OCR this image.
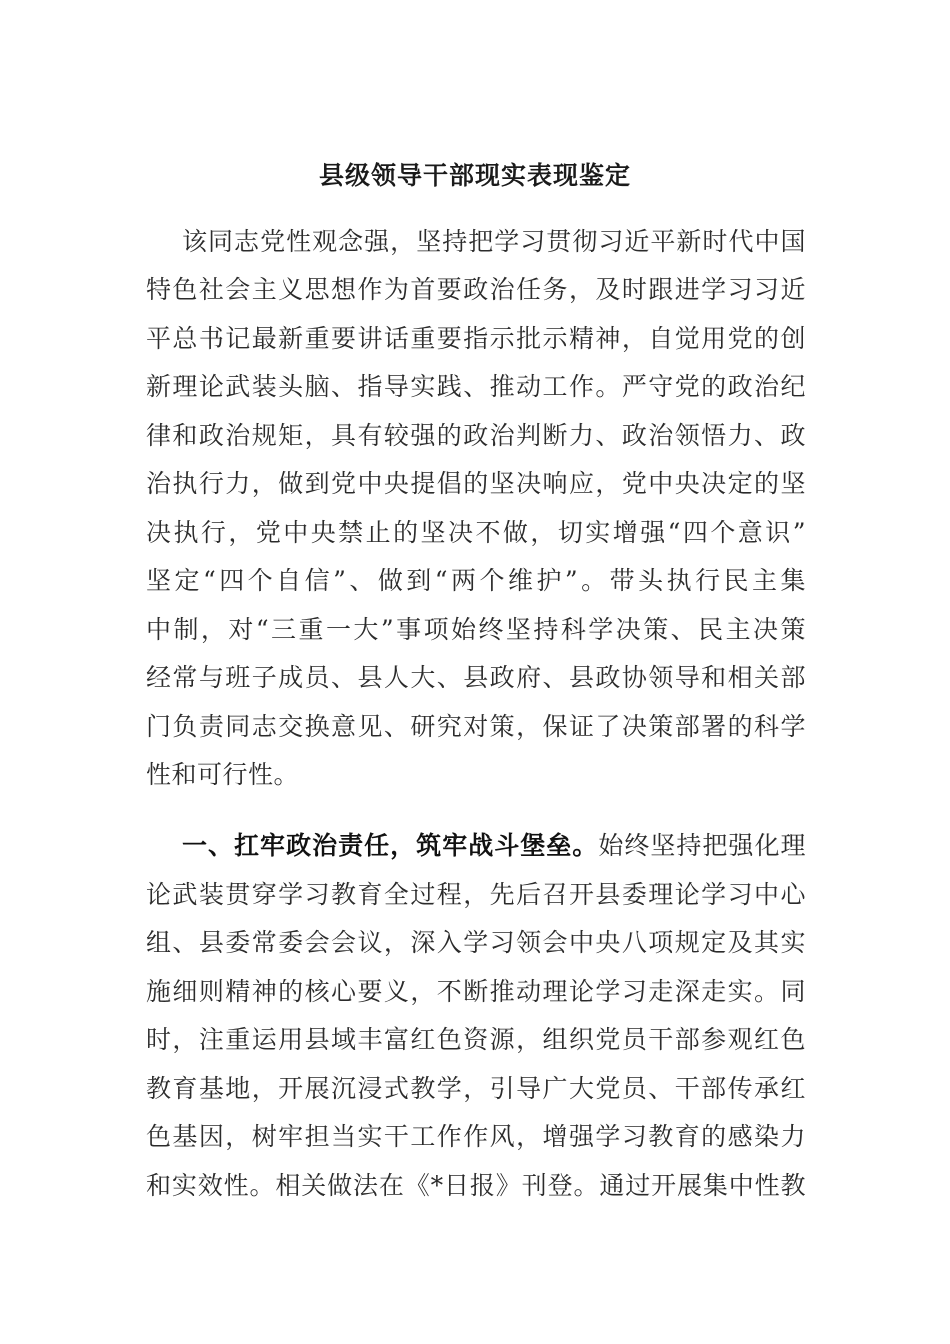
县级领导干部现实表现鉴定
该同志党性观念强，坚持把学习贯彻习近平新时代中国
特色社会主义思想作为首要政治任务，及时跟进学习习近
平总书记最新重要讲话重要指示批示精神，自觉用党的创
新理论武装头脑、指导实践、推动工作。严守党的政治纪
律和政治规矩，具有较强的政治判断力、政治领悟力、政
治执行力，做到党中央提倡的坚决响应，党中央决定的坚
决执行，党中央禁止的坚决不做，切实增强“四个意识”
坚定“四个自信”、做到“两个维护”。带头执行民主集
中制，对“三重一大”事项始终坚持科学决策、民主决策
经常与班子成员、县人大、县政府、县政协领导和相关部
门负责同志交换意见、研究对策，保证了决策部署的科学
性和可行性。
一、扛牢政治责任，筑牢战斗堡垒。始终坚持把强化理
论武装贯穿学习教育全过程，先后召开县委理论学习中心
组、县委常委会会议，深入学习领会中央八项规定及其实
施细则精神的核心要义，不断推动理论学习走深走实。同
时，注重运用县域丰富红色资源，组织党员干部参观红色
教育基地，开展沉浸式教学，引导广大党员、干部传承红
色基因，树牢担当实干工作作风，增强学习教育的感染力
和实效性。相关做法在《*日报》刊登。通过开展集中性教
